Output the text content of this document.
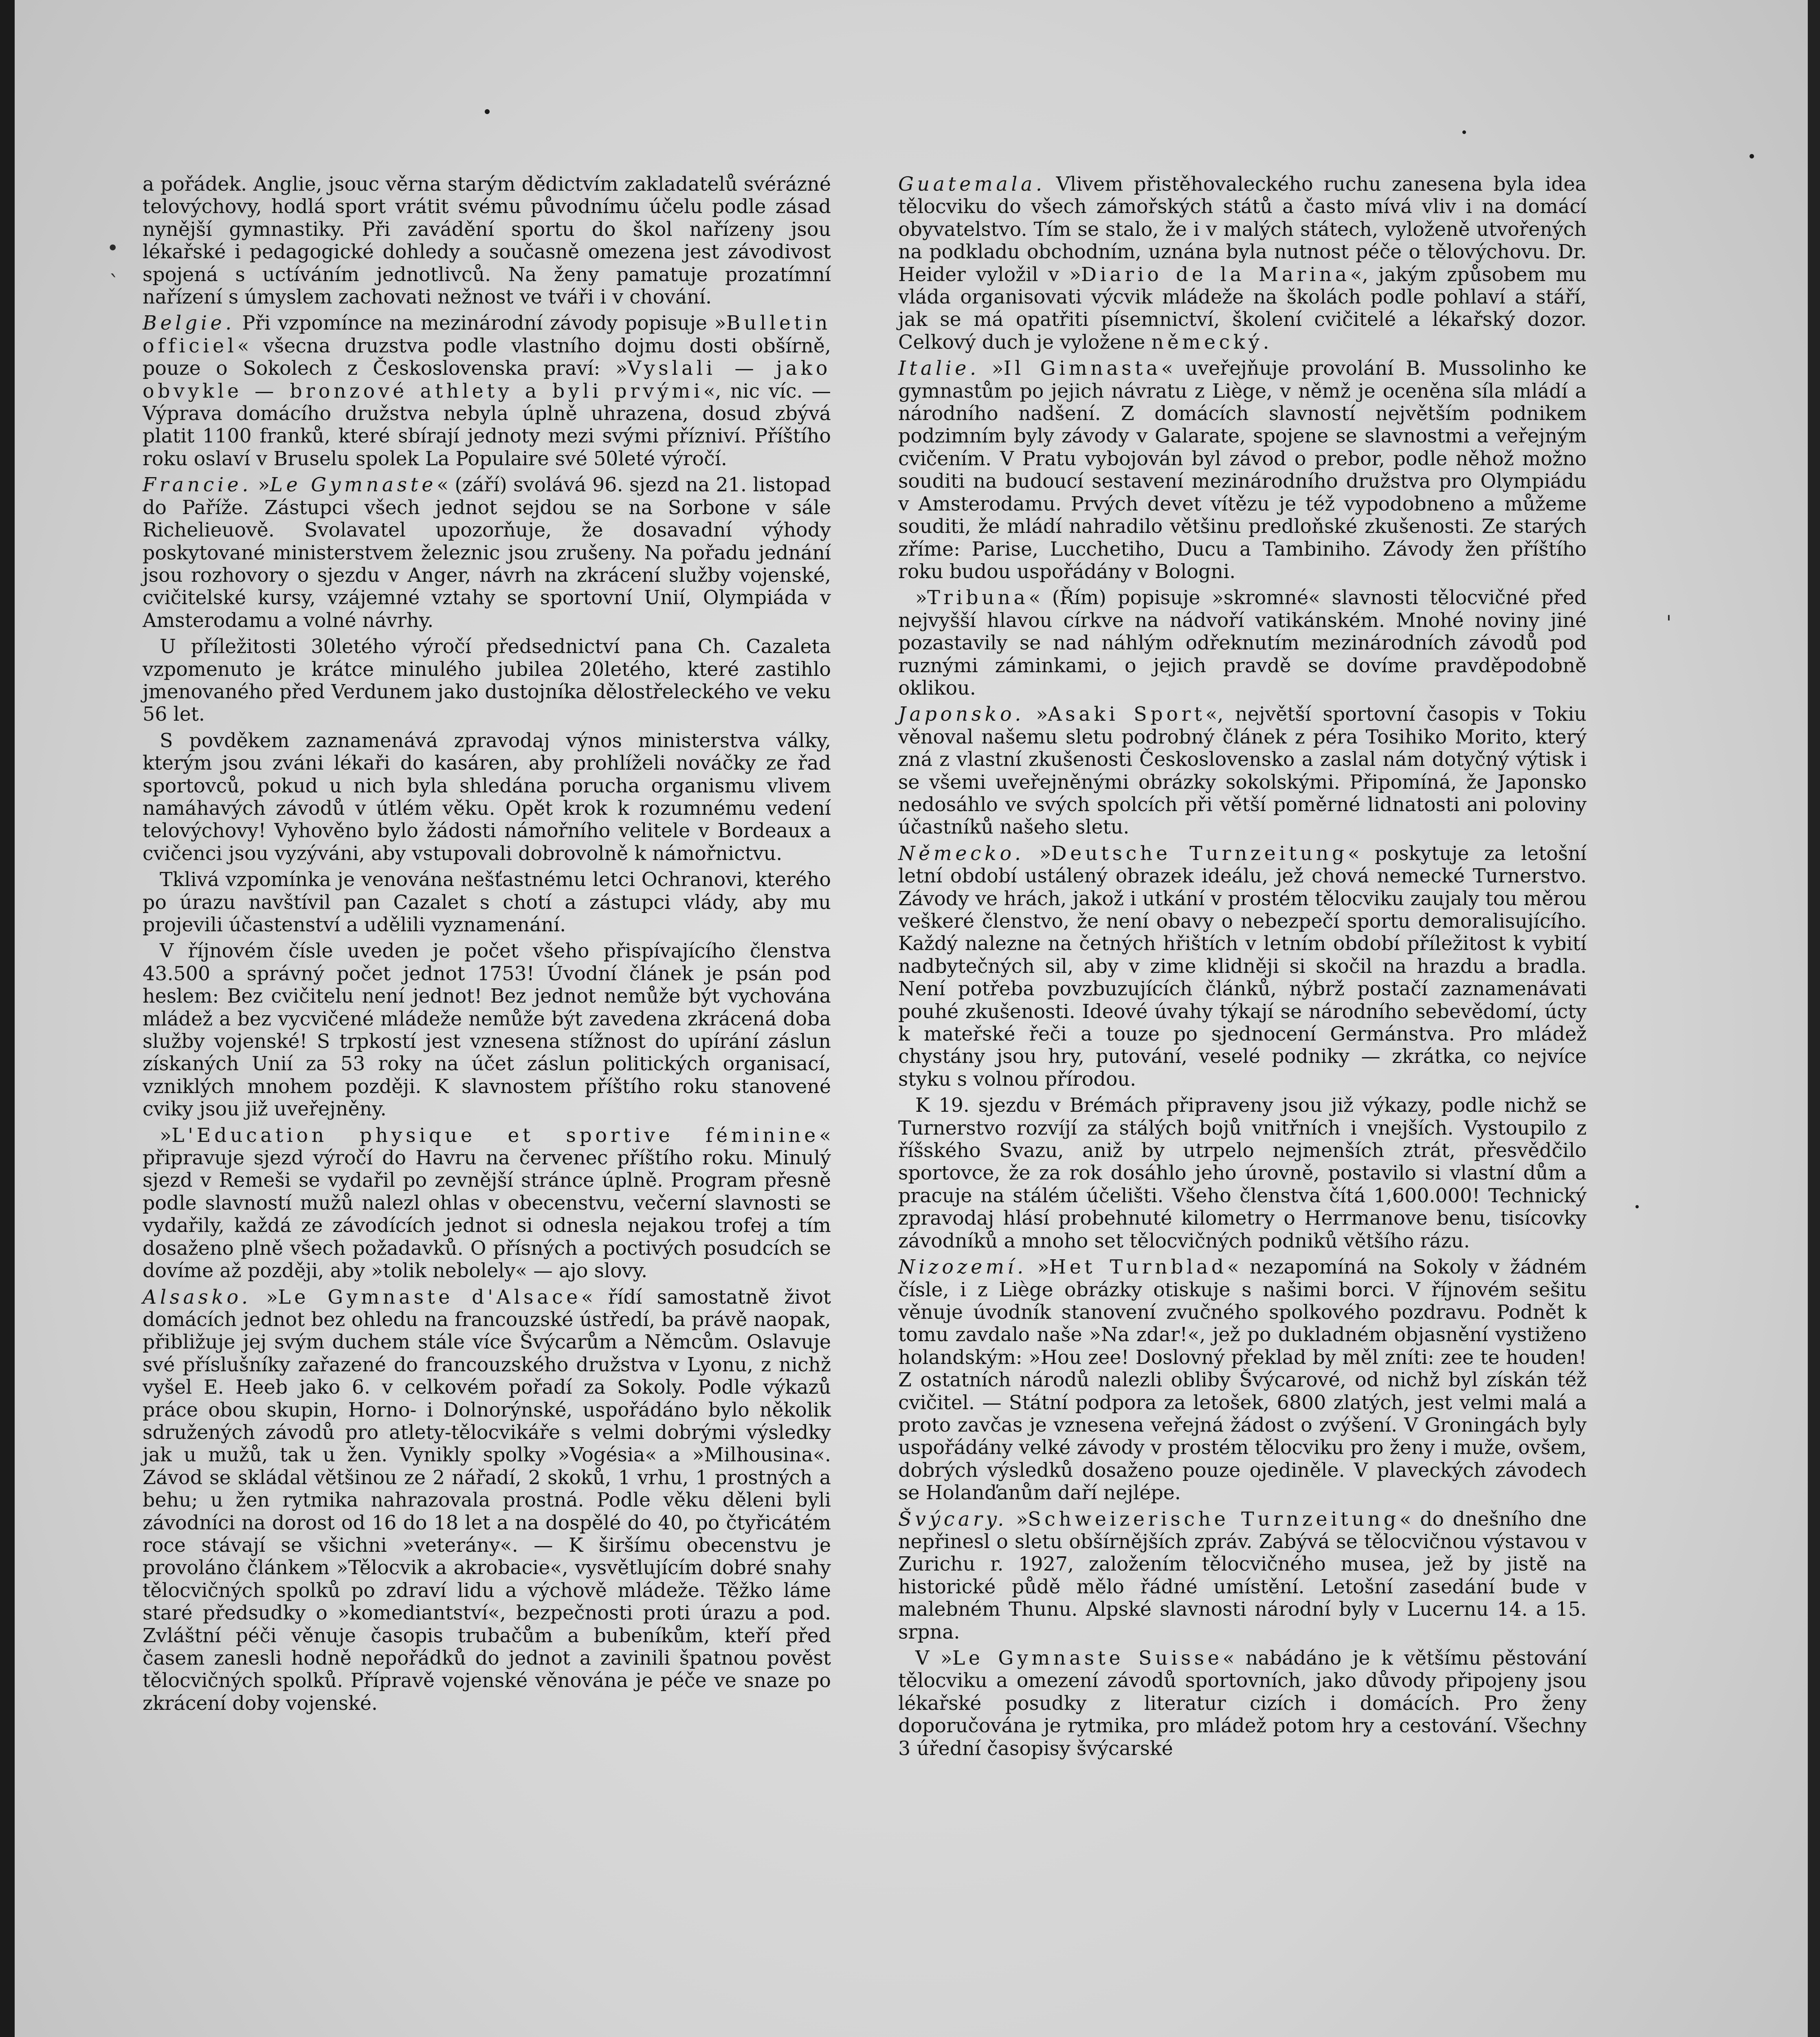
•
`
'

a pořádek. Anglie, jsouc věrna starým dědictvím zakladatelů svérázné telovýchovy, hodlá sport vrátit svému původnímu účelu podle zásad nynější gymnastiky. Při zavádění sportu do škol nařízeny jsou lékařské i pedagogické dohledy a současně omezena jest závodivost spojená s uctíváním jednotlivců. Na ženy pamatuje prozatímní nařízení s úmyslem zachovati nežnost ve tváři i v chování.

Belgie. Při vzpomínce na mezinárodní závody popisuje »Bulletin officiel« všecna druzstva podle vlastního dojmu dosti obšírně, pouze o Sokolech z Československa praví: »Vyslali — jako obvykle — bronzové athlety a byli prvými«, nic víc. — Výprava domácího družstva nebyla úplně uhrazena, dosud zbývá platit 1100 franků, které sbírají jednoty mezi svými přízniví. Příštího roku oslaví v Bruselu spolek La Populaire své 50leté výročí.

Francie. »Le Gymnaste« (září) svolává 96. sjezd na 21. listopad do Paříže. Zástupci všech jednot sejdou se na Sorbone v sále Richelieuově. Svolavatel upozorňuje, že dosavadní výhody poskytované ministerstvem železnic jsou zrušeny. Na pořadu jednání jsou rozhovory o sjezdu v Anger, návrh na zkrácení služby vojenské, cvičitelské kursy, vzájemné vztahy se sportovní Unií, Olympiáda v Amsterodamu a volné návrhy.

U příležitosti 30letého výročí předsednictví pana Ch. Cazaleta vzpomenuto je krátce minulého jubilea 20letého, které zastihlo jmenovaného před Verdunem jako dustojníka dělostřeleckého ve veku 56 let.

S povděkem zaznamenává zpravodaj výnos ministerstva války, kterým jsou zváni lékaři do kasáren, aby prohlíželi nováčky ze řad sportovců, pokud u nich byla shledána porucha organismu vlivem namáhavých závodů v útlém věku. Opět krok k rozumnému vedení telovýchovy! Vyhověno bylo žádosti námořního velitele v Bordeaux a cvičenci jsou vyzýváni, aby vstupovali dobrovolně k námořnictvu.

Tklivá vzpomínka je venována nešťastnému letci Ochranovi, kterého po úrazu navštívil pan Cazalet s chotí a zástupci vlády, aby mu projevili účastenství a udělili vyznamenání.

V říjnovém čísle uveden je počet všeho přispívajícího členstva 43.500 a správný počet jednot 1753! Úvodní článek je psán pod heslem: Bez cvičitelu není jednot! Bez jednot nemůže být vychována mládež a bez vycvičené mládeže nemůže být zavedena zkrácená doba služby vojenské! S trpkostí jest vznesena stížnost do upírání záslun získaných Unií za 53 roky na účet záslun politických organisací, vzniklých mnohem později. K slavnostem příštího roku stanovené cviky jsou již uveřejněny.

»L'Education physique et sportive féminine« připravuje sjezd výročí do Havru na červenec příštího roku. Minulý sjezd v Remeši se vydařil po zevnější stránce úplně. Program přesně podle slavností mužů nalezl ohlas v obecenstvu, večerní slavnosti se vydařily, každá ze závodících jednot si odnesla nejakou trofej a tím dosaženo plně všech požadavků. O přísných a poctivých posudcích se dovíme až později, aby »tolik nebolely« — ajo slovy.

Alsasko. »Le Gymnaste d'Alsace« řídí samostatně život domácích jednot bez ohledu na francouzské ústředí, ba právě naopak, přibližuje jej svým duchem stále více Švýcarům a Němcům. Oslavuje své příslušníky zařazené do francouzského družstva v Lyonu, z nichž vyšel E. Heeb jako 6. v celkovém pořadí za Sokoly. Podle výkazů práce obou skupin, Horno- i Dolnorýnské, uspořádáno bylo několik sdružených závodů pro atlety-tělocvikáře s velmi dobrými výsledky jak u mužů, tak u žen. Vynikly spolky »Vogésia« a »Milhousina«. Závod se skládal většinou ze 2 nářadí, 2 skoků, 1 vrhu, 1 prostných a behu; u žen rytmika nahrazovala prostná. Podle věku děleni byli závodníci na dorost od 16 do 18 let a na dospělé do 40, po čtyřicátém roce stávají se všichni »veterány«. — K širšímu obecenstvu je provoláno článkem »Tělocvik a akrobacie«, vysvětlujícím dobré snahy tělocvičných spolků po zdraví lidu a výchově mládeže. Těžko láme staré předsudky o »komediantství«, bezpečnosti proti úrazu a pod. Zvláštní péči věnuje časopis trubačům a bubeníkům, kteří před časem zanesli hodně nepořádků do jednot a zavinili špatnou pověst tělocvičných spolků. Přípravě vojenské věnována je péče ve snaze po zkrácení doby vojenské.

Guatemala. Vlivem přistěhovaleckého ruchu zanesena byla idea tělocviku do všech zámořských států a často mívá vliv i na domácí obyvatelstvo. Tím se stalo, že i v malých státech, vyloženě utvořených na podkladu obchodním, uznána byla nutnost péče o tělovýchovu. Dr. Heider vyložil v »Diario de la Marina«, jakým způsobem mu vláda organisovati výcvik mládeže na školách podle pohlaví a stáří, jak se má opatřiti písemnictví, školení cvičitelé a lékařský dozor. Celkový duch je vyložene německý.

Italie. »Il Gimnasta« uveřejňuje provolání B. Mussolinho ke gymnastům po jejich návratu z Liège, v němž je oceněna síla mládí a národního nadšení. Z domácích slavností největším podnikem podzimním byly závody v Galarate, spojene se slavnostmi a veřejným cvičením. V Pratu vybojován byl závod o prebor, podle něhož možno souditi na budoucí sestavení mezinárodního družstva pro Olympiádu v Amsterodamu. Prvých devet vítězu je též vypodobneno a můžeme souditi, že mládí nahradilo většinu predloňské zkušenosti. Ze starých zříme: Parise, Lucchetiho, Ducu a Tambiniho. Závody žen příštího roku budou uspořádány v Bologni.

»Tribuna« (Řím) popisuje »skromné« slavnosti tělocvičné před nejvyšší hlavou církve na nádvoří vatikánském. Mnohé noviny jiné pozastavily se nad náhlým odřeknutím mezinárodních závodů pod ruznými záminkami, o jejich pravdě se dovíme pravděpodobně oklikou.

Japonsko. »Asaki Sport«, největší sportovní časopis v Tokiu věnoval našemu sletu podrobný článek z péra Tosihiko Morito, který zná z vlastní zkušenosti Československo a zaslal nám dotyčný výtisk i se všemi uveřejněnými obrázky sokolskými. Připomíná, že Japonsko nedosáhlo ve svých spolcích při větší poměrné lidnatosti ani poloviny účastníků našeho sletu.

Německo. »Deutsche Turnzeitung« poskytuje za letošní letní období ustálený obrazek ideálu, jež chová nemecké Turnerstvo. Závody ve hrách, jakož i utkání v prostém tělocviku zaujaly tou měrou veškeré členstvo, že není obavy o nebezpečí sportu demoralisujícího. Každý nalezne na četných hřištích v letním období příležitost k vybití nadbytečných sil, aby v zime klidněji si skočil na hrazdu a bradla. Není potřeba povzbuzujících článků, nýbrž postačí zaznamenávati pouhé zkušenosti. Ideové úvahy týkají se národního sebevědomí, úcty k mateřské řeči a touze po sjednocení Germánstva. Pro mládež chystány jsou hry, putování, veselé podniky — zkrátka, co nejvíce styku s volnou přírodou.

K 19. sjezdu v Brémách připraveny jsou již výkazy, podle nichž se Turnerstvo rozvíjí za stálých bojů vnitřních i vnejších. Vystoupilo z říšského Svazu, aniž by utrpelo nejmenších ztrát, přesvědčilo sportovce, že za rok dosáhlo jeho úrovně, postavilo si vlastní dům a pracuje na stálém účelišti. Všeho členstva čítá 1,600.000! Technický zpravodaj hlásí probehnuté kilometry o Herrmanove benu, tisícovky závodníků a mnoho set tělocvičných podniků většího rázu.

Nizozemí. »Het Turnblad« nezapomíná na Sokoly v žádném čísle, i z Liège obrázky otiskuje s našimi borci. V říjnovém sešitu věnuje úvodník stanovení zvučného spolkového pozdravu. Podnět k tomu zavdalo naše »Na zdar!«, jež po dukladném objasnění vystiženo holandským: »Hou zee! Doslovný překlad by měl zníti: zee te houden! Z ostatních národů nalezli obliby Švýcarové, od nichž byl získán též cvičitel. — Státní podpora za letošek, 6800 zlatých, jest velmi malá a proto zavčas je vznesena veřejná žádost o zvýšení. V Groningách byly uspořádány velké závody v prostém tělocviku pro ženy i muže, ovšem, dobrých výsledků dosaženo pouze ojediněle. V plaveckých závodech se Holanďanům daří nejlépe.

Švýcary. »Schweizerische Turnzeitung« do dnešního dne nepřinesl o sletu obšírnějších zpráv. Zabývá se tělocvičnou výstavou v Zurichu r. 1927, založením tělocvičného musea, jež by jistě na historické půdě mělo řádné umístění. Letošní zasedání bude v malebném Thunu. Alpské slavnosti národní byly v Lucernu 14. a 15. srpna.

V »Le Gymnaste Suisse« nabádáno je k většímu pěstování tělocviku a omezení závodů sportovních, jako důvody připojeny jsou lékařské posudky z literatur cizích i domácích. Pro ženy doporučována je rytmika, pro mládež potom hry a cestování. Všechny 3 úřední časopisy švýcarské
